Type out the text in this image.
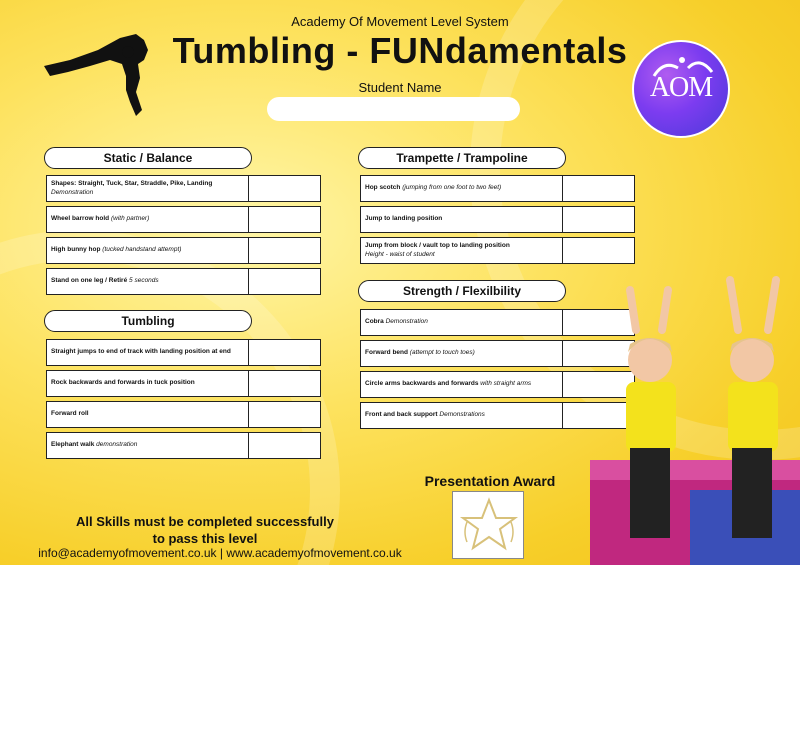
Academy Of Movement Level System
Tumbling - FUNdamentals
Student Name	AOM
Static / Balance
Shapes: Straight, Tuck, Star, Straddle, Pike, Landing
Demonstration
Wheel barrow hold (with partner)
High bunny hop (tucked handstand attempt)
Stand on one leg / Retiré 5 seconds
Tumbling
Straight jumps to end of track with landing position at end
Rock backwards and forwards in tuck position
Forward roll
Elephant walk demonstration
Trampette / Trampoline
Hop scotch (jumping from one foot to two feet)
Jump to landing position
Jump from block / vault top to landing position
Height - waist of student
Strength / Flexilbility
Cobra Demonstration
Forward bend (attempt to touch toes)
Circle arms backwards and forwards with straight arms
Front and back support Demonstrations
Presentation Award
All Skills must be completed successfully
to pass this level
info@academyofmovement.co.uk | www.academyofmovement.co.uk
